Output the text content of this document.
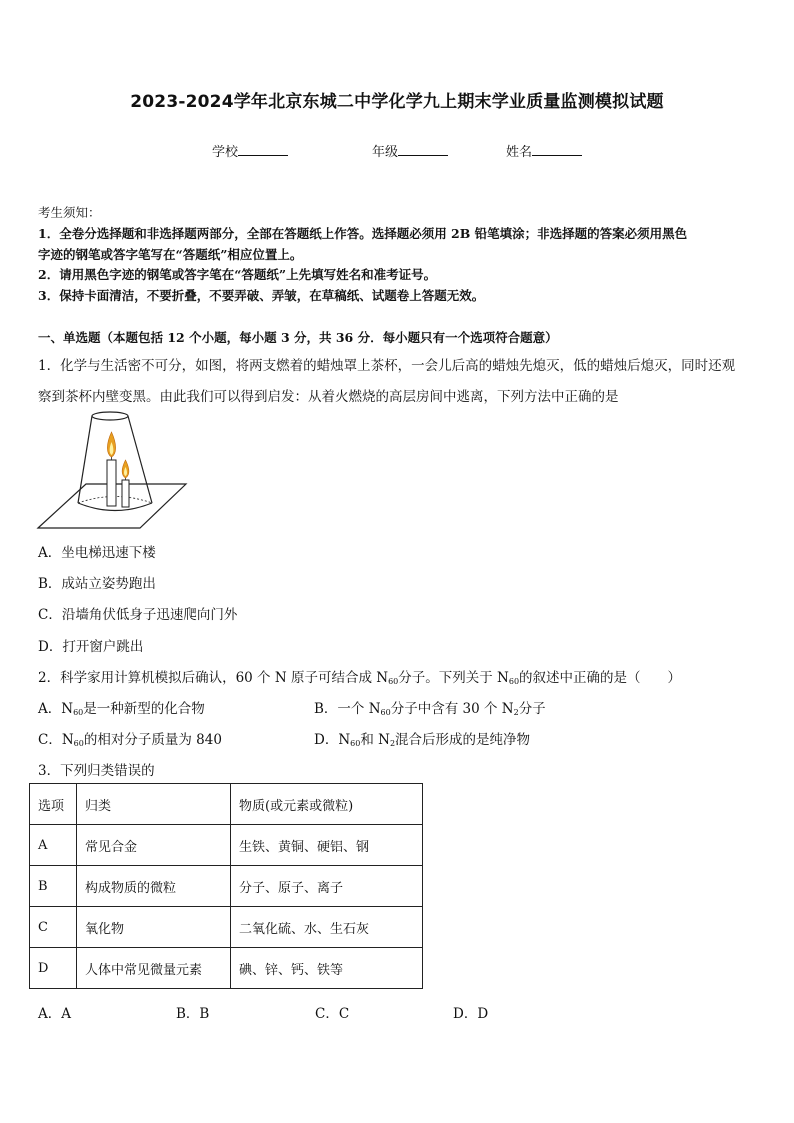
2023-2024学年北京东城二中学化学九上期末学业质量监测模拟试题
学校	年级	姓名
考生须知：
1．全卷分选择题和非选择题两部分，全部在答题纸上作答。选择题必须用 2B 铅笔填涂；非选择题的答案必须用黑色
字迹的钢笔或答字笔写在“答题纸”相应位置上。
2．请用黑色字迹的钢笔或答字笔在“答题纸”上先填写姓名和准考证号。
3．保持卡面清洁，不要折叠，不要弄破、弄皱，在草稿纸、试题卷上答题无效。
一、单选题（本题包括 12 个小题，每小题 3 分，共 36 分．每小题只有一个选项符合题意）
1．化学与生活密不可分，如图，将两支燃着的蜡烛罩上茶杯，一会儿后高的蜡烛先熄灭，低的蜡烛后熄灭，同时还观
察到茶杯内壁变黑。由此我们可以得到启发：从着火燃烧的高层房间中逃离，下列方法中正确的是
A．坐电梯迅速下楼
B．成站立姿势跑出
C．沿墙角伏低身子迅速爬向门外
D．打开窗户跳出
2．科学家用计算机模拟后确认，60 个 N 原子可结合成 $N_{60}$分子。下列关于 $N_{60}$的叙述中正确的是（　　）
A．$N_{60}$是一种新型的化合物	B．一个 $N_{60}$分子中含有 30 个 $N_2$分子
C．$N_{60}$的相对分子质量为 840	D．$N_{60}$和 $N_2$混合后形成的是纯净物
3．下列归类错误的
选项	归类	物质(或元素或微粒)
A	常见合金	生铁、黄铜、硬铝、钢
B	构成物质的微粒	分子、原子、离子
C	氧化物	二氧化硫、水、生石灰
D	人体中常见微量元素	碘、锌、钙、铁等
A．A	B．B	C．C	D．D
